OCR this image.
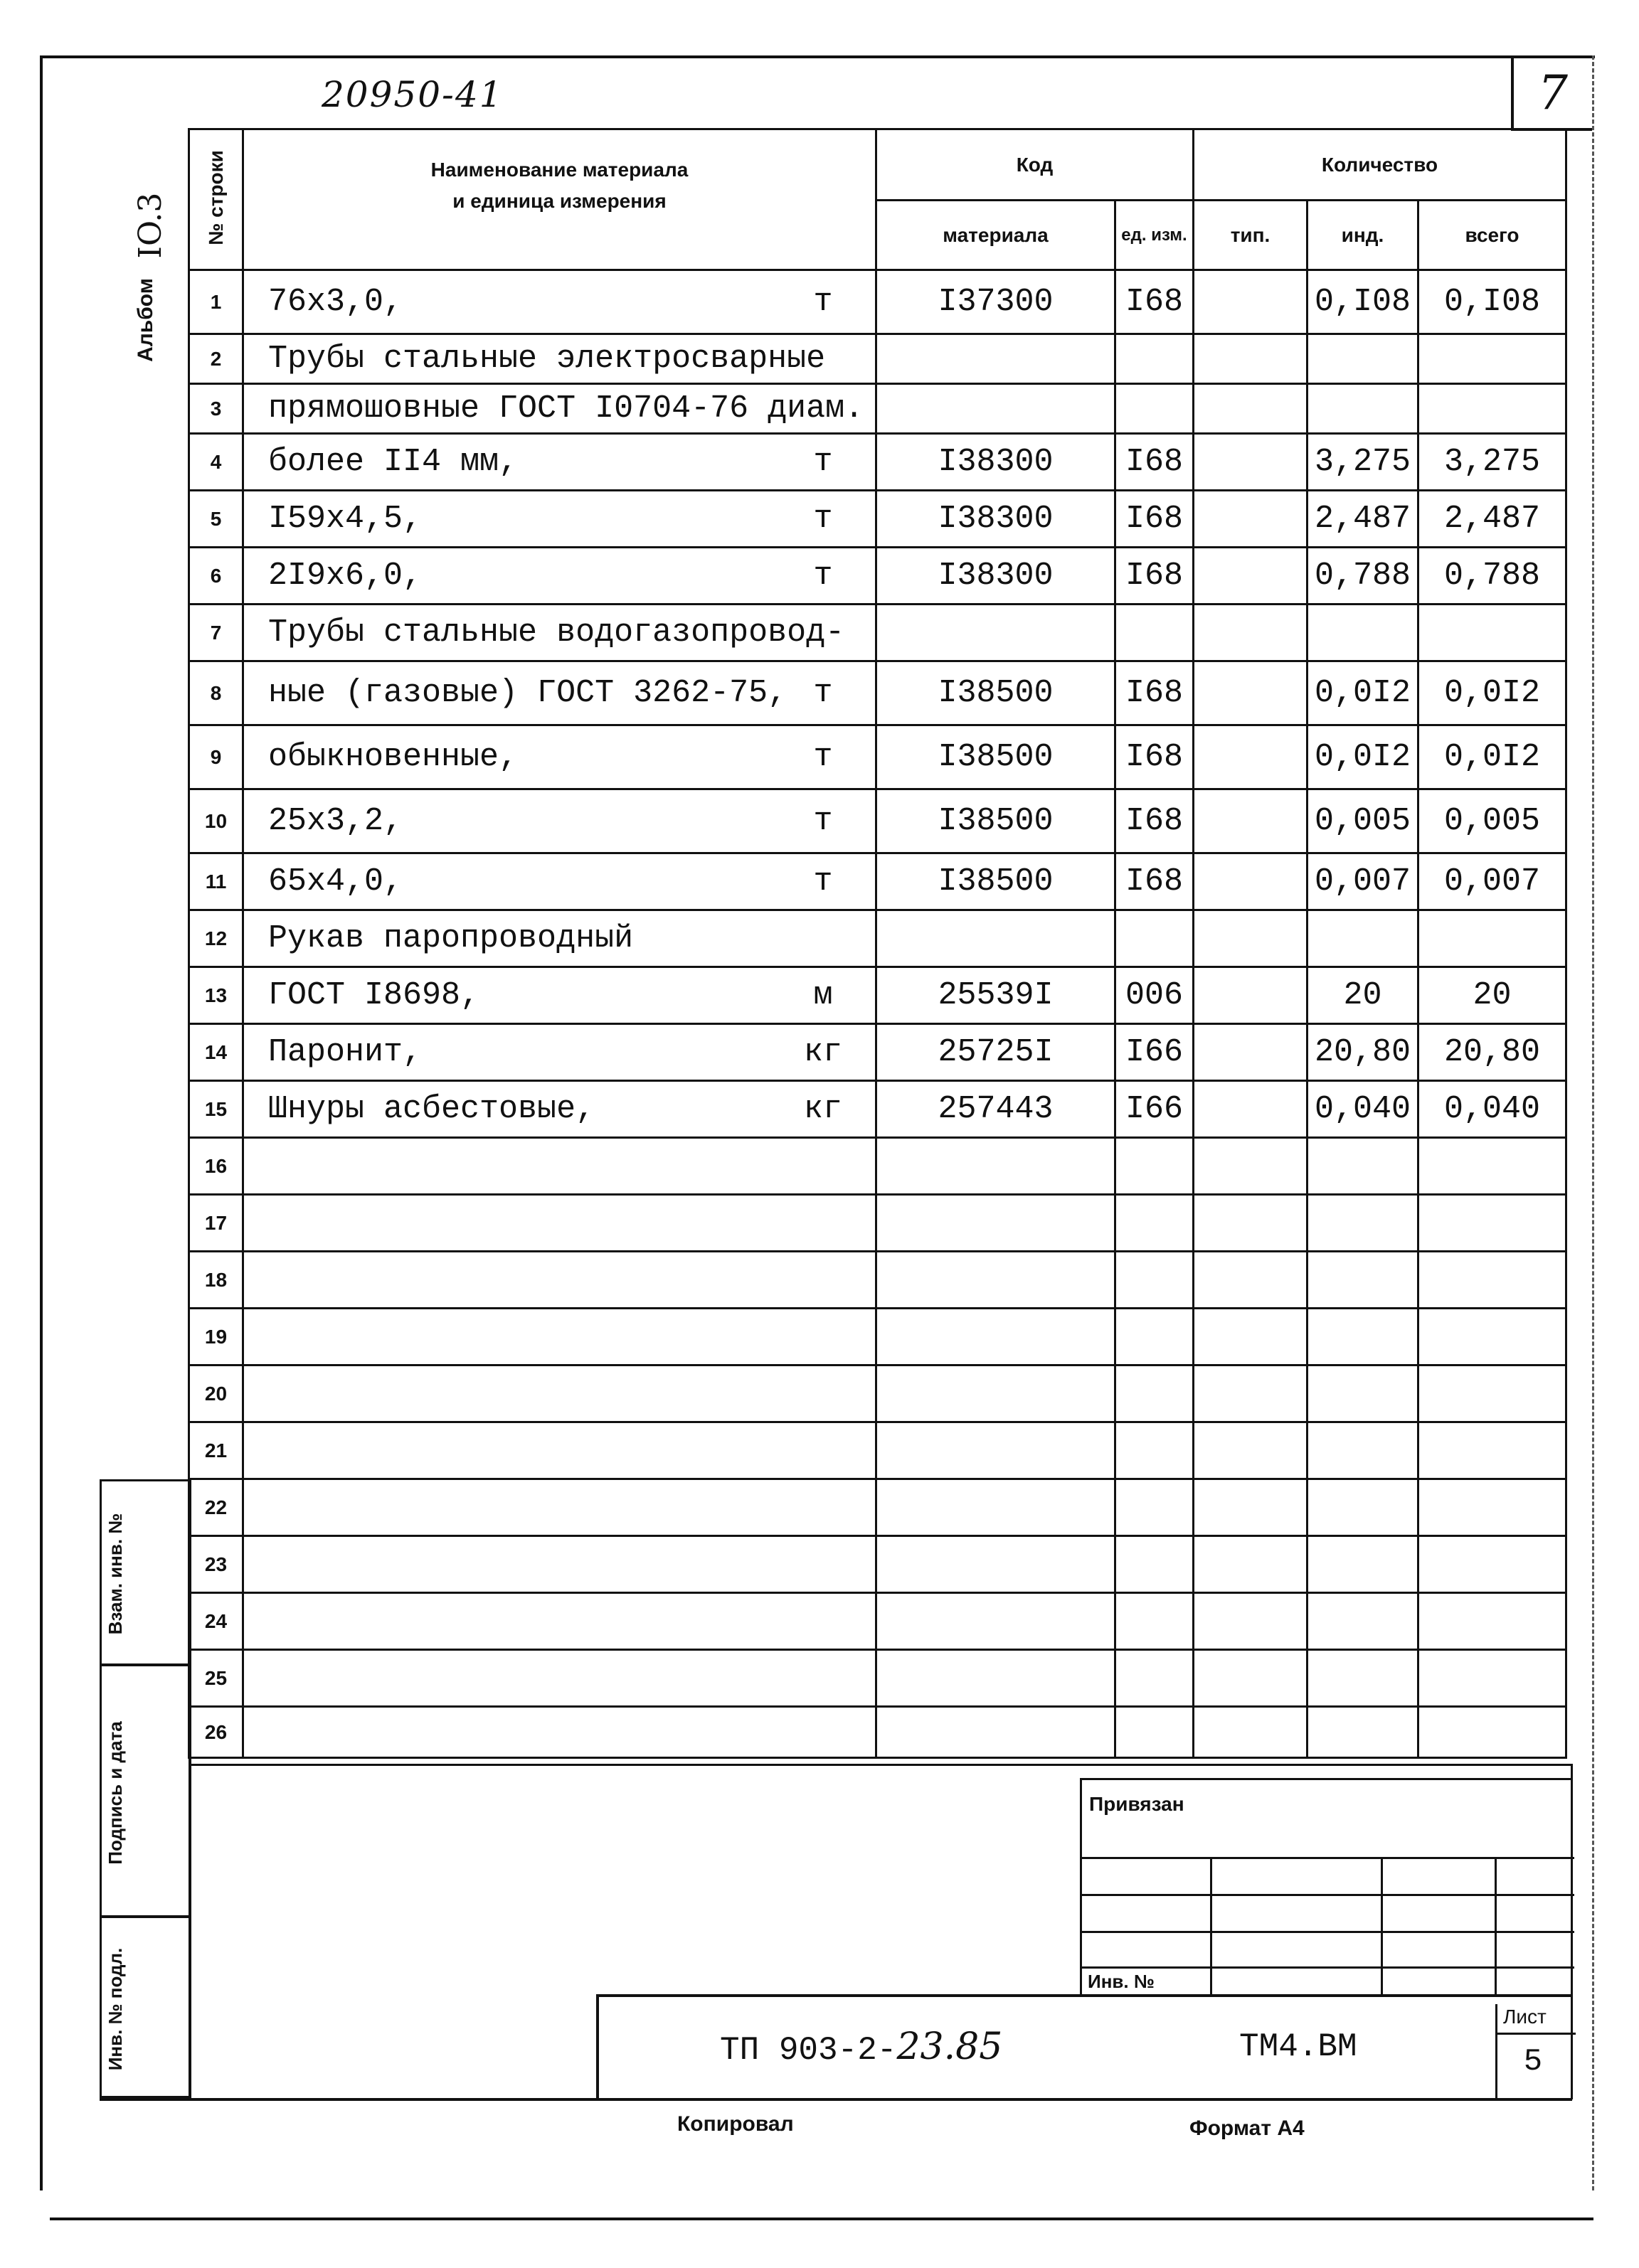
7
20950-41
Альбом
IO.3	№ строки	Наименование материала
и единица измерения	Код		Количество		
		материала	ед. изм.	тип.	инд.	всего
1	76x3,0, т	I37300	I68		0,I08	0,I08
2	Трубы стальные электросварные					
3	прямошовные ГОСТ I0704-76 диам.					
4	более II4 мм, т	I38300	I68		3,275	3,275
5	I59x4,5, т	I38300	I68		2,487	2,487
6	2I9x6,0, т	I38300	I68		0,788	0,788
7	Трубы стальные водогазопровод-					
8	ные (газовые) ГОСТ 3262-75, т	I38500	I68		0,0I2	0,0I2
9	обыкновенные, т	I38500	I68		0,0I2	0,0I2
10	25x3,2, т	I38500	I68		0,005	0,005
11	65x4,0, т	I38500	I68		0,007	0,007
12	Рукав паропроводный					
13	ГОСТ I8698, м	25539I	006		20	20
14	Паронит, кг	25725I	I66		20,80	20,80
15	Шнуры асбестовые, кг	257443	I66		0,040	0,040
16						
17						
18						
19						
20						
21						
22						
23						
24						
25						
26						
Взам. инв. №
Подпись и дата
Инв. № подл.
Привязан
Инв. №
ТП 903-2-23.85	ТМ4.ВМ
Лист
5
Копировал	Формат А4
